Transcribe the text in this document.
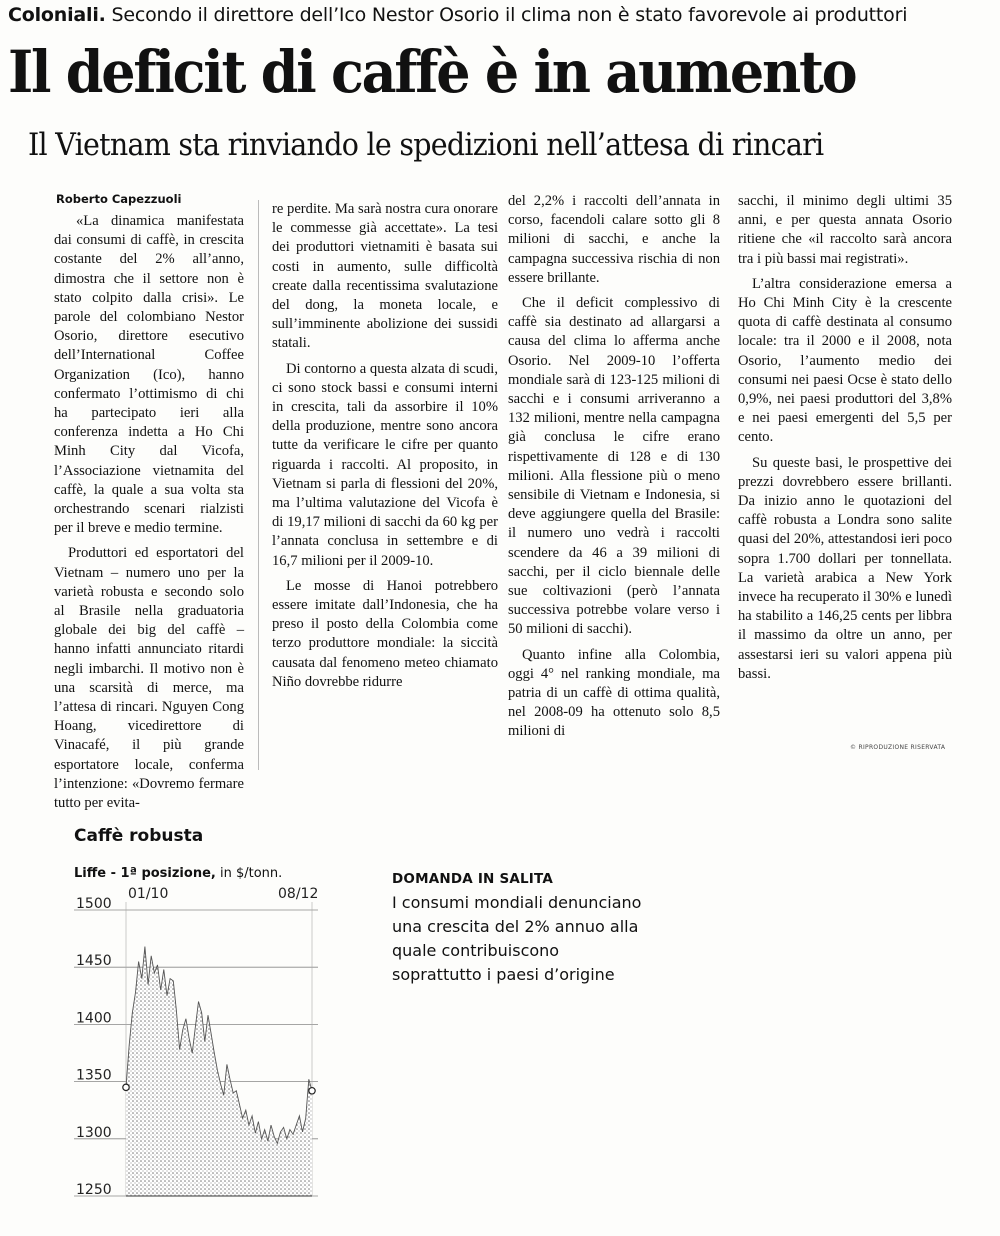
Coloniali. Secondo il direttore dell’Ico Nestor Osorio il clima non è stato favorevole ai produttori
Il deficit di caffè è in aumento
Il Vietnam sta rinviando le spedizioni nell’attesa di rincari
Roberto Capezzuoli

«La dinamica manifestata dai consumi di caffè, in crescita costante del 2% all’anno, dimostra che il settore non è stato colpito dalla crisi». Le parole del colombiano Nestor Osorio, direttore esecutivo dell’International Coffee Organization (Ico), hanno confermato l’ottimismo di chi ha partecipato ieri alla conferenza indetta a Ho Chi Minh City dal Vicofa, l’Associazione vietnamita del caffè, la quale a sua volta sta orchestrando scenari rialzisti per il breve e medio termine.

Produttori ed esportatori del Vietnam – numero uno per la varietà robusta e secondo solo al Brasile nella graduatoria globale dei big del caffè – hanno infatti annunciato ritardi negli imbarchi. Il motivo non è una scarsità di merce, ma l’attesa di rincari. Nguyen Cong Hoang, vicedirettore di Vinacafé, il più grande esportatore locale, conferma l’intenzione: «Dovremo fermare tutto per evita-

re perdite. Ma sarà nostra cura onorare le commesse già accettate». La tesi dei produttori vietnamiti è basata sui costi in aumento, sulle difficoltà create dalla recentissima svalutazione del dong, la moneta locale, e sull’imminente abolizione dei sussidi statali.

Di contorno a questa alzata di scudi, ci sono stock bassi e consumi interni in crescita, tali da assorbire il 10% della produzione, mentre sono ancora tutte da verificare le cifre per quanto riguarda i raccolti. Al proposito, in Vietnam si parla di flessioni del 20%, ma l’ultima valutazione del Vicofa è di 19,17 milioni di sacchi da 60 kg per l’annata conclusa in settembre e di 16,7 milioni per il 2009-10.

Le mosse di Hanoi potrebbero essere imitate dall’Indonesia, che ha preso il posto della Colombia come terzo produttore mondiale: la siccità causata dal fenomeno meteo chiamato Niño dovrebbe ridurre

del 2,2% i raccolti dell’annata in corso, facendoli calare sotto gli 8 milioni di sacchi, e anche la campagna successiva rischia di non essere brillante.

Che il deficit complessivo di caffè sia destinato ad allargarsi a causa del clima lo afferma anche Osorio. Nel 2009-10 l’offerta mondiale sarà di 123-125 milioni di sacchi e i consumi arriveranno a 132 milioni, mentre nella campagna già conclusa le cifre erano rispettivamente di 128 e di 130 milioni. Alla flessione più o meno sensibile di Vietnam e Indonesia, si deve aggiungere quella del Brasile: il numero uno vedrà i raccolti scendere da 46 a 39 milioni di sacchi, per il ciclo biennale delle sue coltivazioni (però l’annata successiva potrebbe volare verso i 50 milioni di sacchi).

Quanto infine alla Colombia, oggi 4° nel ranking mondiale, ma patria di un caffè di ottima qualità, nel 2008-09 ha ottenuto solo 8,5 milioni di

sacchi, il minimo degli ultimi 35 anni, e per questa annata Osorio ritiene che «il raccolto sarà ancora tra i più bassi mai registrati».

L’altra considerazione emersa a Ho Chi Minh City è la crescente quota di caffè destinata al consumo locale: tra il 2000 e il 2008, nota Osorio, l’aumento medio dei consumi nei paesi Ocse è stato dello 0,9%, nei paesi produttori del 3,8% e nei paesi emergenti del 5,5 per cento.

Su queste basi, le prospettive dei prezzi dovrebbero essere brillanti. Da inizio anno le quotazioni del caffè robusta a Londra sono salite quasi del 20%, attestandosi ieri poco sopra 1.700 dollari per tonnellata. La varietà arabica a New York invece ha recuperato il 30% e lunedì ha stabilito a 146,25 cents per libbra il massimo da oltre un anno, per assestarsi ieri su valori appena più bassi.

© RIPRODUZIONE RISERVATA
Caffè robusta
Liffe - 1ª posizione, in $/tonn.
1500
1450
1400
1350
1300
1250
01/10	08/12
DOMANDA IN SALITA
I consumi mondiali denunciano una crescita del 2% annuo alla quale contribuiscono soprattutto i paesi d’origine
